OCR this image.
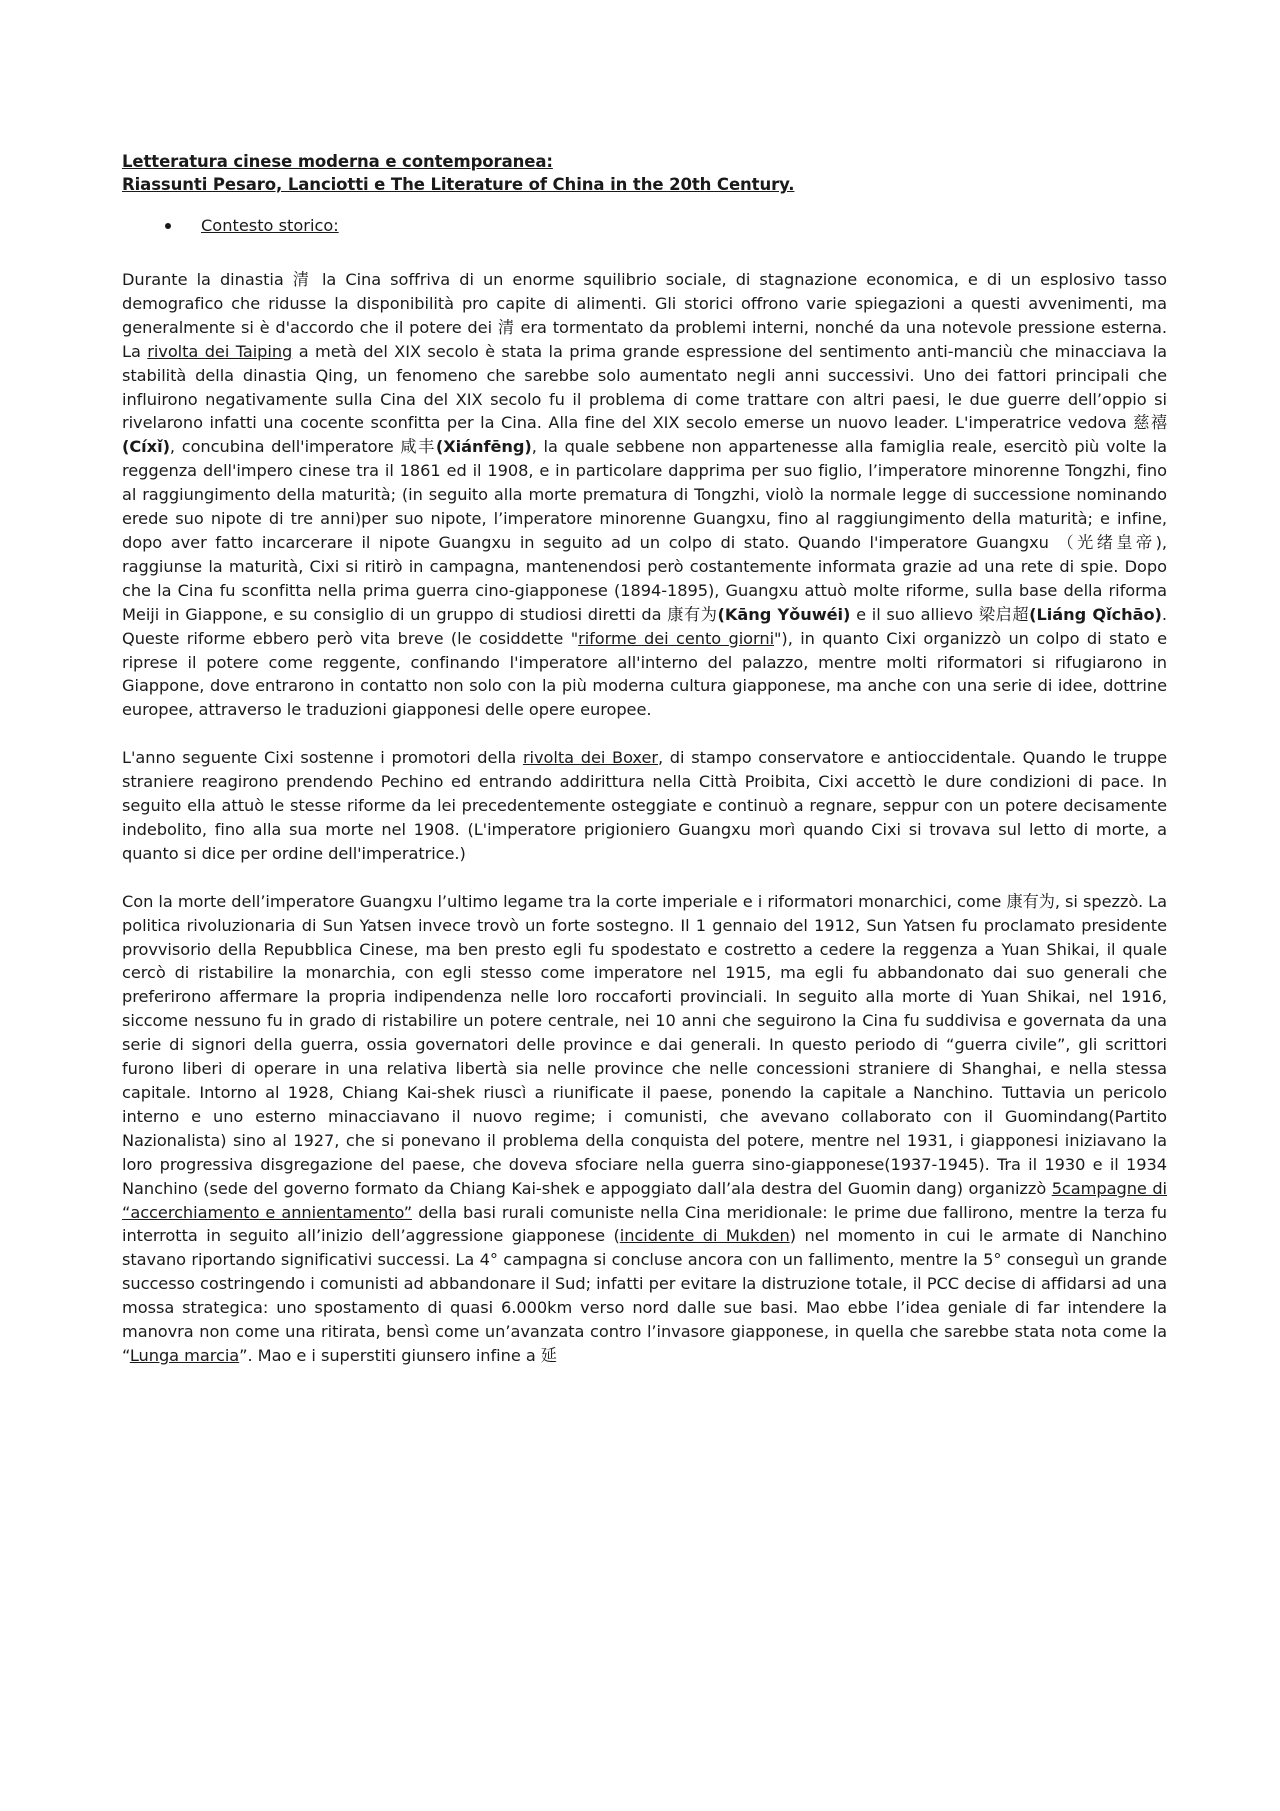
Letteratura cinese moderna e contemporanea:

Riassunti Pesaro, Lanciotti e The Literature of China in the 20th Century.

Contesto storico:

Durante la dinastia 清 la Cina soffriva di un enorme squilibrio sociale, di stagnazione economica, e di un esplosivo tasso demografico che ridusse la disponibilità pro capite di alimenti. Gli storici offrono varie spiegazioni a questi avvenimenti, ma generalmente si è d'accordo che il potere dei 清 era tormentato da problemi interni, nonché da una notevole pressione esterna. La rivolta dei Taiping a metà del XIX secolo è stata la prima grande espressione del sentimento anti-manciù che minacciava la stabilità della dinastia Qing, un fenomeno che sarebbe solo aumentato negli anni successivi. Uno dei fattori principali che influirono negativamente sulla Cina del XIX secolo fu il problema di come trattare con altri paesi, le due guerre dell’oppio si rivelarono infatti una cocente sconfitta per la Cina. Alla fine del XIX secolo emerse un nuovo leader. L'imperatrice vedova 慈禧(Cíxǐ), concubina dell'imperatore 咸丰(Xiánfēng), la quale sebbene non appartenesse alla famiglia reale, esercitò più volte la reggenza dell'impero cinese tra il 1861 ed il 1908, e in particolare dapprima per suo figlio, l’imperatore minorenne Tongzhi, fino al raggiungimento della maturità; (in seguito alla morte prematura di Tongzhi, violò la normale legge di successione nominando erede suo nipote di tre anni)per suo nipote, l’imperatore minorenne Guangxu, fino al raggiungimento della maturità; e infine, dopo aver fatto incarcerare il nipote Guangxu in seguito ad un colpo di stato. Quando l'imperatore Guangxu （光绪皇帝), raggiunse la maturità, Cixi si ritirò in campagna, mantenendosi però costantemente informata grazie ad una rete di spie. Dopo che la Cina fu sconfitta nella prima guerra cino-giapponese (1894-1895), Guangxu attuò molte riforme, sulla base della riforma Meiji in Giappone, e su consiglio di un gruppo di studiosi diretti da 康有为(Kāng Yǒuwéi) e il suo allievo 梁启超(Liáng Qǐchāo). Queste riforme ebbero però vita breve (le cosiddette "riforme dei cento giorni"), in quanto Cixi organizzò un colpo di stato e riprese il potere come reggente, confinando l'imperatore all'interno del palazzo, mentre molti riformatori si rifugiarono in Giappone, dove entrarono in contatto non solo con la più moderna cultura giapponese, ma anche con una serie di idee, dottrine europee, attraverso le traduzioni giapponesi delle opere europee.

L'anno seguente Cixi sostenne i promotori della rivolta dei Boxer, di stampo conservatore e antioccidentale. Quando le truppe straniere reagirono prendendo Pechino ed entrando addirittura nella Città Proibita, Cixi accettò le dure condizioni di pace. In seguito ella attuò le stesse riforme da lei precedentemente osteggiate e continuò a regnare, seppur con un potere decisamente indebolito, fino alla sua morte nel 1908. (L'imperatore prigioniero Guangxu morì quando Cixi si trovava sul letto di morte, a quanto si dice per ordine dell'imperatrice.)

Con la morte dell’imperatore Guangxu l’ultimo legame tra la corte imperiale e i riformatori monarchici, come 康有为, si spezzò. La politica rivoluzionaria di Sun Yatsen invece trovò un forte sostegno. Il 1 gennaio del 1912, Sun Yatsen fu proclamato presidente provvisorio della Repubblica Cinese, ma ben presto egli fu spodestato e costretto a cedere la reggenza a Yuan Shikai, il quale cercò di ristabilire la monarchia, con egli stesso come imperatore nel 1915, ma egli fu abbandonato dai suo generali che preferirono affermare la propria indipendenza nelle loro roccaforti provinciali. In seguito alla morte di Yuan Shikai, nel 1916, siccome nessuno fu in grado di ristabilire un potere centrale, nei 10 anni che seguirono la Cina fu suddivisa e governata da una serie di signori della guerra, ossia governatori delle province e dai generali. In questo periodo di “guerra civile”, gli scrittori furono liberi di operare in una relativa libertà sia nelle province che nelle concessioni straniere di Shanghai, e nella stessa capitale. Intorno al 1928, Chiang Kai-shek riuscì a riunificate il paese, ponendo la capitale a Nanchino. Tuttavia un pericolo interno e uno esterno minacciavano il nuovo regime; i comunisti, che avevano collaborato con il Guomindang(Partito Nazionalista) sino al 1927, che si ponevano il problema della conquista del potere, mentre nel 1931, i giapponesi iniziavano la loro progressiva disgregazione del paese, che doveva sfociare nella guerra sino-giapponese(1937-1945). Tra il 1930 e il 1934 Nanchino (sede del governo formato da Chiang Kai-shek e appoggiato dall’ala destra del Guomin dang) organizzò 5campagne di “accerchiamento e annientamento” della basi rurali comuniste nella Cina meridionale: le prime due fallirono, mentre la terza fu interrotta in seguito all’inizio dell’aggressione giapponese (incidente di Mukden) nel momento in cui le armate di Nanchino stavano riportando significativi successi. La 4° campagna si concluse ancora con un fallimento, mentre la 5° conseguì un grande successo costringendo i comunisti ad abbandonare il Sud; infatti per evitare la distruzione totale, il PCC decise di affidarsi ad una mossa strategica: uno spostamento di quasi 6.000km verso nord dalle sue basi. Mao ebbe l’idea geniale di far intendere la manovra non come una ritirata, bensì come un’avanzata contro l’invasore giapponese, in quella che sarebbe stata nota come la “Lunga marcia”. Mao e i superstiti giunsero infine a 延
